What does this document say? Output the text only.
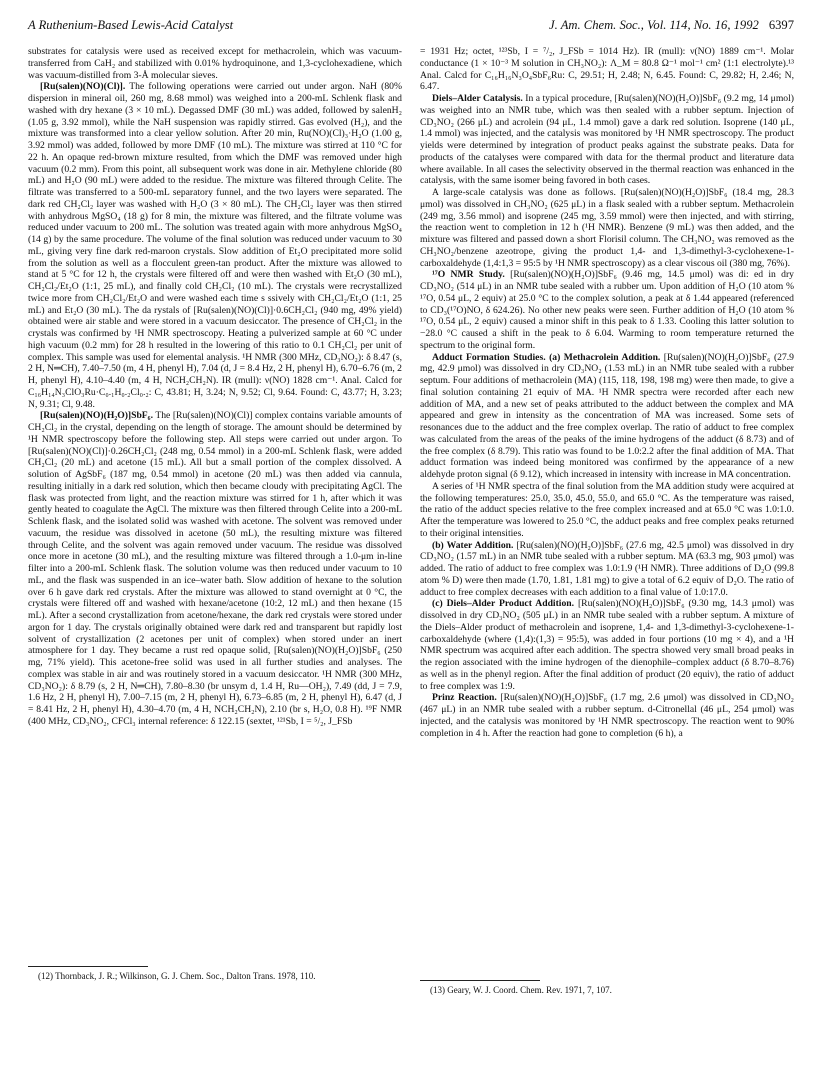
A Ruthenium-Based Lewis-Acid Catalyst	J. Am. Chem. Soc., Vol. 114, No. 16, 1992 6397

substrates for catalysis were used as received except for methacrolein, which was vacuum-transferred from CaH₂ and stabilized with 0.01% hydroquinone, and 1,3-cyclohexadiene, which was vacuum-distilled from 3-Å molecular sieves.

[Ru(salen)(NO)(Cl)]. The following operations were carried out under argon. NaH (80% dispersion in mineral oil, 260 mg, 8.68 mmol) was weighed into a 200-mL Schlenk flask and washed with dry hexane (3 × 10 mL). Degassed DMF (30 mL) was added, followed by salenH₂ (1.05 g, 3.92 mmol), while the NaH suspension was rapidly stirred. Gas evolved (H₂), and the mixture was transformed into a clear yellow solution. After 20 min, Ru(NO)(Cl)₃·H₂O (1.00 g, 3.92 mmol) was added, followed by more DMF (10 mL). The mixture was stirred at 110 °C for 22 h. An opaque red-brown mixture resulted, from which the DMF was removed under high vacuum (0.2 mm). From this point, all subsequent work was done in air. Methylene chloride (80 mL) and H₂O (90 mL) were added to the residue. The mixture was filtered through Celite. The filtrate was transferred to a 500-mL separatory funnel, and the two layers were separated. The dark red CH₂Cl₂ layer was washed with H₂O (3 × 80 mL). The CH₂Cl₂ layer was then stirred with anhydrous MgSO₄ (18 g) for 8 min, the mixture was filtered, and the filtrate volume was reduced under vacuum to 200 mL. The solution was treated again with more anhydrous MgSO₄ (14 g) by the same procedure. The volume of the final solution was reduced under vacuum to 30 mL, giving very fine dark red-maroon crystals. Slow addition of Et₂O precipitated more solid from the solution as well as a flocculent green-tan product. After the mixture was allowed to stand at 5 °C for 12 h, the crystals were filtered off and were then washed with Et₂O (30 mL), CH₂Cl₂/Et₂O (1:1, 25 mL), and finally cold CH₂Cl₂ (10 mL). The crystals were recrystallized twice more from CH₂Cl₂/Et₂O and were washed each time s ssively with CH₂Cl₂/Et₂O (1:1, 25 mL) and Et₂O (30 mL). The da rystals of [Ru(salen)(NO)(Cl)]·0.6CH₂Cl₂ (940 mg, 49% yield) obtained were air stable and were stored in a vacuum desiccator. The presence of CH₂Cl₂ in the crystals was confirmed by ¹H NMR spectroscopy. Heating a pulverized sample at 60 °C under high vacuum (0.2 mm) for 28 h resulted in the lowering of this ratio to 0.1 CH₂Cl₂ per unit of complex. This sample was used for elemental analysis. ¹H NMR (300 MHz, CD₃NO₂): δ 8.47 (s, 2 H, N═CH), 7.40–7.50 (m, 4 H, phenyl H), 7.04 (d, J = 8.4 Hz, 2 H, phenyl H), 6.70–6.76 (m, 2 H, phenyl H), 4.10–4.40 (m, 4 H, NCH₂CH₂N). IR (mull): ν(NO) 1828 cm⁻¹. Anal. Calcd for C₁₆H₁₄N₃ClO₃Ru·C₀.₁H₀.₂Cl₀.₂: C, 43.81; H, 3.24; N, 9.52; Cl, 9.64. Found: C, 43.77; H, 3.23; N, 9.31; Cl, 9.48.

[Ru(salen)(NO)(H₂O)]SbF₆. The [Ru(salen)(NO)(Cl)] complex contains variable amounts of CH₂Cl₂ in the crystal, depending on the length of storage. The amount should be determined by ¹H NMR spectroscopy before the following step. All steps were carried out under argon. To [Ru(salen)(NO)(Cl)]·0.26CH₂Cl₂ (248 mg, 0.54 mmol) in a 200-mL Schlenk flask, were added CH₂Cl₂ (20 mL) and acetone (15 mL). All but a small portion of the complex dissolved. A solution of AgSbF₆ (187 mg, 0.54 mmol) in acetone (20 mL) was then added via cannula, resulting initially in a dark red solution, which then became cloudy with precipitating AgCl. The flask was protected from light, and the reaction mixture was stirred for 1 h, after which it was gently heated to coagulate the AgCl. The mixture was then filtered through Celite into a 200-mL Schlenk flask, and the isolated solid was washed with acetone. The solvent was removed under vacuum, the residue was dissolved in acetone (50 mL), the resulting mixture was filtered through Celite, and the solvent was again removed under vacuum. The residue was dissolved once more in acetone (30 mL), and the resulting mixture was filtered through a 1.0-μm in-line filter into a 200-mL Schlenk flask. The solution volume was then reduced under vacuum to 10 mL, and the flask was suspended in an ice–water bath. Slow addition of hexane to the solution over 6 h gave dark red crystals. After the mixture was allowed to stand overnight at 0 °C, the crystals were filtered off and washed with hexane/acetone (10:2, 12 mL) and then hexane (15 mL). After a second crystallization from acetone/hexane, the dark red crystals were stored under argon for 1 day. The crystals originally obtained were dark red and transparent but rapidly lost solvent of crystallization (2 acetones per unit of complex) when stored under an inert atmosphere for 1 day. They became a rust red opaque solid, [Ru(salen)(NO)(H₂O)]SbF₆ (250 mg, 71% yield). This acetone-free solid was used in all further studies and analyses. The complex was stable in air and was routinely stored in a vacuum desiccator. ¹H NMR (300 MHz, CD₃NO₂): δ 8.79 (s, 2 H, N═CH), 7.80–8.30 (br unsym d, 1.4 H, Ru—OH₂), 7.49 (dd, J = 7.9, 1.6 Hz, 2 H, phenyl H), 7.00–7.15 (m, 2 H, phenyl H), 6.73–6.85 (m, 2 H, phenyl H), 6.47 (d, J = 8.41 Hz, 2 H, phenyl H), 4.30–4.70 (m, 4 H, NCH₂CH₂N), 2.10 (br s, H₂O, 0.8 H). ¹⁹F NMR (400 MHz, CD₃NO₂, CFCl₃ internal reference: δ 122.15 (sextet, ¹²¹Sb, I = ⁵/₂, J_FSb

= 1931 Hz; octet, ¹²³Sb, I = ⁷/₂, J_FSb = 1014 Hz). IR (mull): ν(NO) 1889 cm⁻¹. Molar conductance (1 × 10⁻³ M solution in CH₃NO₂): Λ_M = 80.8 Ω⁻¹ mol⁻¹ cm² (1:1 electrolyte).¹³ Anal. Calcd for C₁₆H₁₆N₃O₄SbF₆Ru: C, 29.51; H, 2.48; N, 6.45. Found: C, 29.82; H, 2.46; N, 6.47.

Diels–Alder Catalysis. In a typical procedure, [Ru(salen)(NO)(H₂O)]SbF₆ (9.2 mg, 14 μmol) was weighed into an NMR tube, which was then sealed with a rubber septum. Injection of CD₃NO₂ (266 μL) and acrolein (94 μL, 1.4 mmol) gave a dark red solution. Isoprene (140 μL, 1.4 mmol) was injected, and the catalysis was monitored by ¹H NMR spectroscopy. The product yields were determined by integration of product peaks against the substrate peaks. Data for products of the catalyses were compared with data for the thermal product and literature data where available. In all cases the selectivity observed in the thermal reaction was enhanced in the catalysis, with the same isomer being favored in both cases.

A large-scale catalysis was done as follows. [Ru(salen)(NO)(H₂O)]SbF₆ (18.4 mg, 28.3 μmol) was dissolved in CH₃NO₂ (625 μL) in a flask sealed with a rubber septum. Methacrolein (249 mg, 3.56 mmol) and isoprene (245 mg, 3.59 mmol) were then injected, and with stirring, the reaction went to completion in 12 h (¹H NMR). Benzene (9 mL) was then added, and the mixture was filtered and passed down a short Florisil column. The CH₃NO₂ was removed as the CH₃NO₂/benzene azeotrope, giving the product 1,4- and 1,3-dimethyl-3-cyclohexene-1-carboxaldehyde (1,4:1,3 = 95:5 by ¹H NMR spectroscopy) as a clear viscous oil (380 mg, 76%).

¹⁷O NMR Study. [Ru(salen)(NO)(H₂O)]SbF₆ (9.46 mg, 14.5 μmol) was di: ed in dry CD₃NO₂ (514 μL) in an NMR tube sealed with a rubber um. Upon addition of H₂O (10 atom % ¹⁷O, 0.54 μL, 2 equiv) at 25.0 °C to the complex solution, a peak at δ 1.44 appeared (referenced to CD₃(¹⁷O)NO, δ 624.26). No other new peaks were seen. Further addition of H₂O (10 atom % ¹⁷O, 0.54 μL, 2 equiv) caused a minor shift in this peak to δ 1.33. Cooling this latter solution to −28.0 °C caused a shift in the peak to δ 6.04. Warming to room temperature returned the spectrum to the original form.

Adduct Formation Studies. (a) Methacrolein Addition. [Ru(salen)(NO)(H₂O)]SbF₆ (27.9 mg, 42.9 μmol) was dissolved in dry CD₃NO₂ (1.53 mL) in an NMR tube sealed with a rubber septum. Four additions of methacrolein (MA) (115, 118, 198, 198 mg) were then made, to give a final solution containing 21 equiv of MA. ¹H NMR spectra were recorded after each new addition of MA, and a new set of peaks attributed to the adduct between the complex and MA appeared and grew in intensity as the concentration of MA was increased. Some sets of resonances due to the adduct and the free complex overlap. The ratio of adduct to free complex was calculated from the areas of the peaks of the imine hydrogens of the adduct (δ 8.73) and of the free complex (δ 8.79). This ratio was found to be 1.0:2.2 after the final addition of MA. That adduct formation was indeed being monitored was confirmed by the appearance of a new aldehyde proton signal (δ 9.12), which increased in intensity with increase in MA concentration.

A series of ¹H NMR spectra of the final solution from the MA addition study were acquired at the following temperatures: 25.0, 35.0, 45.0, 55.0, and 65.0 °C. As the temperature was raised, the ratio of the adduct species relative to the free complex increased and at 65.0 °C was 1.0:1.0. After the temperature was lowered to 25.0 °C, the adduct peaks and free complex peaks returned to their original intensities.

(b) Water Addition. [Ru(salen)(NO)(H₂O)]SbF₆ (27.6 mg, 42.5 μmol) was dissolved in dry CD₃NO₂ (1.57 mL) in an NMR tube sealed with a rubber septum. MA (63.3 mg, 903 μmol) was added. The ratio of adduct to free complex was 1.0:1.9 (¹H NMR). Three additions of D₂O (99.8 atom % D) were then made (1.70, 1.81, 1.81 mg) to give a total of 6.2 equiv of D₂O. The ratio of adduct to free complex decreases with each addition to a final value of 1.0:17.0.

(c) Diels–Alder Product Addition. [Ru(salen)(NO)(H₂O)]SbF₆ (9.30 mg, 14.3 μmol) was dissolved in dry CD₃NO₂ (505 μL) in an NMR tube sealed with a rubber septum. A mixture of the Diels–Alder product of methacrolein and isoprene, 1,4- and 1,3-dimethyl-3-cyclohexene-1-carboxaldehyde (where (1,4):(1,3) = 95:5), was added in four portions (10 mg × 4), and a ¹H NMR spectrum was acquired after each addition. The spectra showed very small broad peaks in the region associated with the imine hydrogen of the dienophile–complex adduct (δ 8.70–8.76) as well as in the phenyl region. After the final addition of product (20 equiv), the ratio of adduct to free complex was 1:9.

Prinz Reaction. [Ru(salen)(NO)(H₂O)]SbF₆ (1.7 mg, 2.6 μmol) was dissolved in CD₃NO₂ (467 μL) in an NMR tube sealed with a rubber septum. d-Citronellal (46 μL, 254 μmol) was injected, and the catalysis was monitored by ¹H NMR spectroscopy. The reaction went to 90% completion in 4 h. After the reaction had gone to completion (6 h), a

(12) Thornback, J. R.; Wilkinson, G. J. Chem. Soc., Dalton Trans. 1978, 110.

(13) Geary, W. J. Coord. Chem. Rev. 1971, 7, 107.
